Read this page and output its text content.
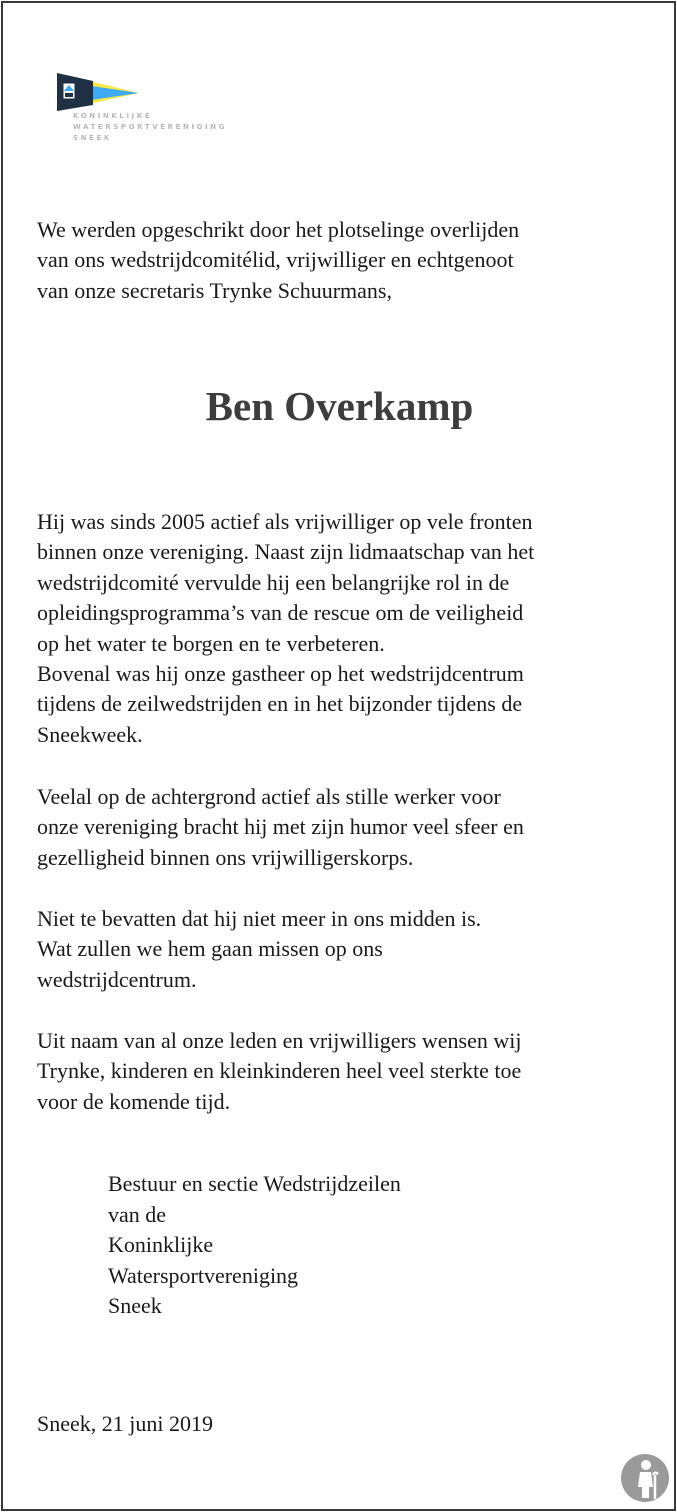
KONINKLIJKE
WATERSPORTVERENIGING
SNEEK
We werden opgeschrikt door het plotselinge overlijden
van ons wedstrijdcomitélid, vrijwilliger en echtgenoot
van onze secretaris Trynke Schuurmans,
Ben Overkamp
Hij was sinds 2005 actief als vrijwilliger op vele fronten
binnen onze vereniging. Naast zijn lidmaatschap van het
wedstrijdcomité vervulde hij een belangrijke rol in de
opleidingsprogramma’s van de rescue om de veiligheid
op het water te borgen en te verbeteren.
Bovenal was hij onze gastheer op het wedstrijdcentrum
tijdens de zeilwedstrijden en in het bijzonder tijdens de
Sneekweek.
Veelal op de achtergrond actief als stille werker voor
onze vereniging bracht hij met zijn humor veel sfeer en
gezelligheid binnen ons vrijwilligerskorps.
Niet te bevatten dat hij niet meer in ons midden is.
Wat zullen we hem gaan missen op ons
wedstrijdcentrum.
Uit naam van al onze leden en vrijwilligers wensen wij
Trynke, kinderen en kleinkinderen heel veel sterkte toe
voor de komende tijd.
Bestuur en sectie Wedstrijdzeilen
van de
Koninklijke
Watersportvereniging
Sneek
Sneek, 21 juni 2019
